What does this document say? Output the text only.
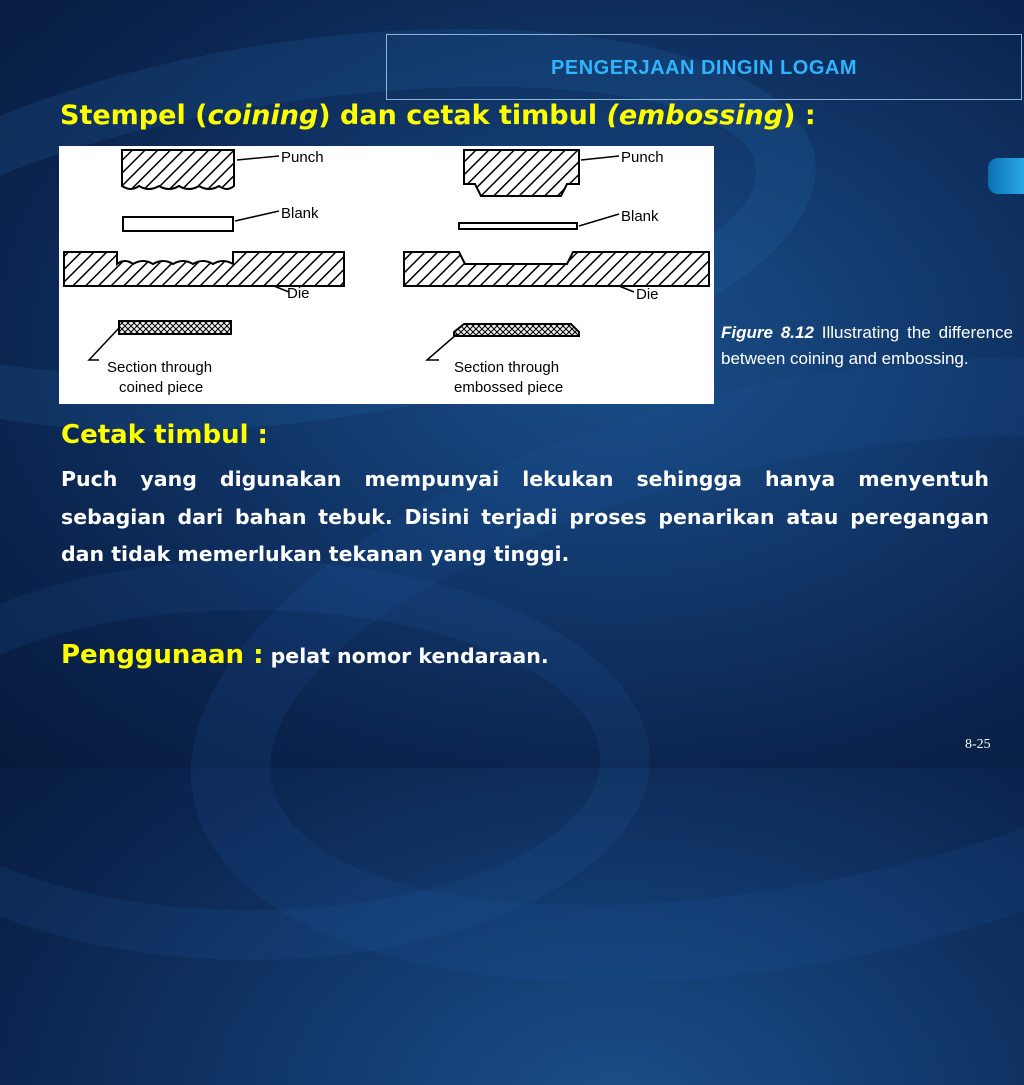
PENGERJAAN DINGIN LOGAM
Stempel (coining) dan cetak timbul (embossing) :
Punch
Blank
Die
Section through
coined piece
Punch
Blank
Die
Section through
embossed piece
Figure 8.12 Illustrating the difference between coining and embossing.
Cetak timbul :
Puch yang digunakan mempunyai lekukan sehingga hanya menyentuh sebagian dari bahan tebuk. Disini terjadi proses penarikan atau peregangan dan tidak memerlukan tekanan yang tinggi.
Penggunaan : pelat nomor kendaraan.
8-25
